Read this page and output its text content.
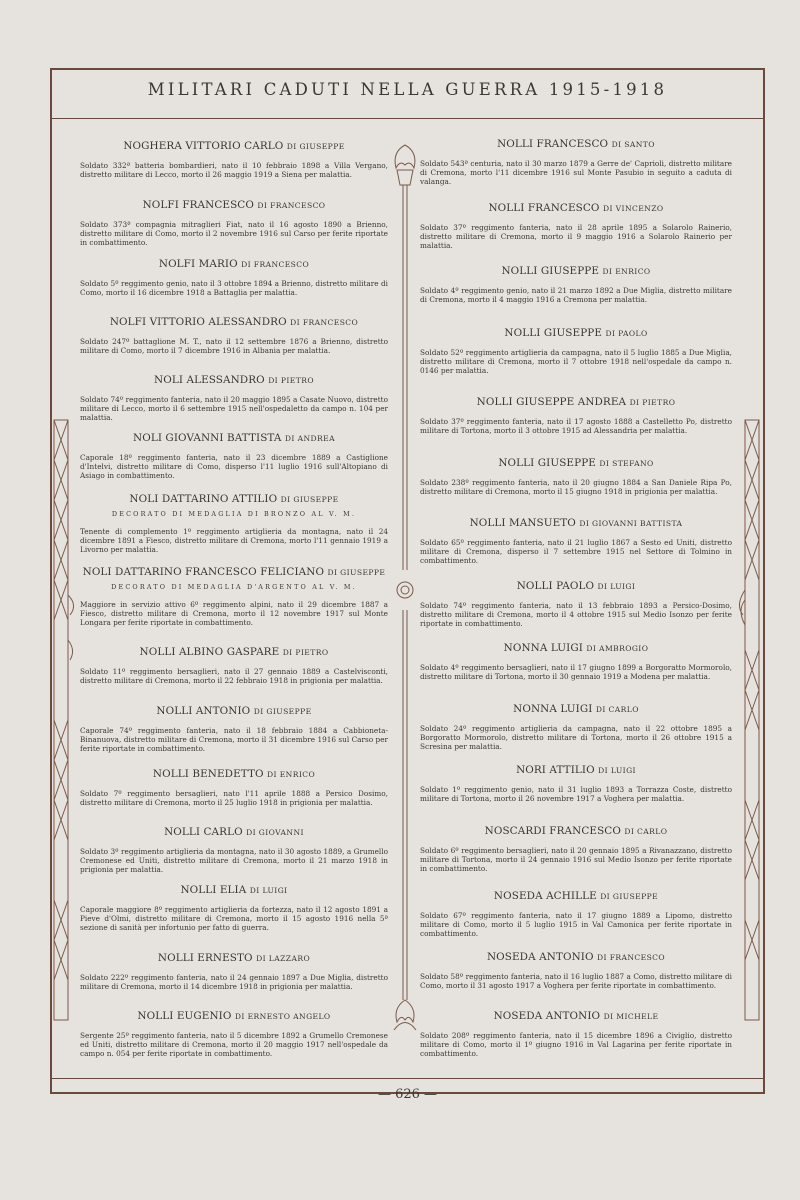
MILITARI CADUTI NELLA GUERRA 1915-1918
NOGHERA VITTORIO CARLO DI GIUSEPPE
Soldato 332ª batteria bombardieri, nato il 10 febbraio 1898 a Villa Vergano, distretto militare di Lecco, morto il 26 maggio 1919 a Siena per malattia.
NOLFI FRANCESCO DI FRANCESCO
Soldato 373ª compagnia mitraglieri Fiat, nato il 16 agosto 1890 a Brienno, distretto militare di Como, morto il 2 novembre 1916 sul Carso per ferite riportate in combattimento.
NOLFI MARIO DI FRANCESCO
Soldato 5º reggimento genio, nato il 3 ottobre 1894 a Brienno, distretto militare di Como, morto il 16 dicembre 1918 a Battaglia per malattia.
NOLFI VITTORIO ALESSANDRO DI FRANCESCO
Soldato 247º battaglione M. T., nato il 12 settembre 1876 a Brienno, distretto militare di Como, morto il 7 dicembre 1916 in Albania per malattia.
NOLI ALESSANDRO DI PIETRO
Soldato 74º reggimento fanteria, nato il 20 maggio 1895 a Casate Nuovo, distretto militare di Lecco, morto il 6 settembre 1915 nell'ospedaletto da campo n. 104 per malattia.
NOLI GIOVANNI BATTISTA DI ANDREA
Caporale 18º reggimento fanteria, nato il 23 dicembre 1889 a Castiglione d'Intelvi, distretto militare di Como, disperso l'11 luglio 1916 sull'Altopiano di Asiago in combattimento.
NOLI DATTARINO ATTILIO DI GIUSEPPE
DECORATO DI MEDAGLIA DI BRONZO AL V. M.
Tenente di complemento 1º reggimento artiglieria da montagna, nato il 24 dicembre 1891 a Fiesco, distretto militare di Cremona, morto l'11 gennaio 1919 a Livorno per malattia.
NOLI DATTARINO FRANCESCO FELICIANO DI GIUSEPPE
DECORATO DI MEDAGLIA D'ARGENTO AL V. M.
Maggiore in servizio attivo 6º reggimento alpini, nato il 29 dicembre 1887 a Fiesco, distretto militare di Cremona, morto il 12 novembre 1917 sul Monte Longara per ferite riportate in combattimento.
NOLLI ALBINO GASPARE DI PIETRO
Soldato 11º reggimento bersaglieri, nato il 27 gennaio 1889 a Castelvisconti, distretto militare di Cremona, morto il 22 febbraio 1918 in prigionia per malattia.
NOLLI ANTONIO DI GIUSEPPE
Caporale 74º reggimento fanteria, nato il 18 febbraio 1884 a Cabbioneta-Binanuova, distretto militare di Cremona, morto il 31 dicembre 1916 sul Carso per ferite riportate in combattimento.
NOLLI BENEDETTO DI ENRICO
Soldato 7º reggimento bersaglieri, nato l'11 aprile 1888 a Persico Dosimo, distretto militare di Cremona, morto il 25 luglio 1918 in prigionia per malattia.
NOLLI CARLO DI GIOVANNI
Soldato 3º reggimento artiglieria da montagna, nato il 30 agosto 1889, a Grumello Cremonese ed Uniti, distretto militare di Cremona, morto il 21 marzo 1918 in prigionia per malattia.
NOLLI ELIA DI LUIGI
Caporale maggiore 8º reggimento artiglieria da fortezza, nato il 12 agosto 1891 a Pieve d'Olmi, distretto militare di Cremona, morto il 15 agosto 1916 nella 5ª sezione di sanità per infortunio per fatto di guerra.
NOLLI ERNESTO DI LAZZARO
Soldato 222º reggimento fanteria, nato il 24 gennaio 1897 a Due Miglia, distretto militare di Cremona, morto il 14 dicembre 1918 in prigionia per malattia.
NOLLI EUGENIO DI ERNESTO ANGELO
Sergente 25º reggimento fanteria, nato il 5 dicembre 1892 a Grumello Cremonese ed Uniti, distretto militare di Cremona, morto il 20 maggio 1917 nell'ospedale da campo n. 054 per ferite riportate in combattimento.
NOLLI FRANCESCO DI SANTO
Soldato 543ª centuria, nato il 30 marzo 1879 a Gerre de' Caprioli, distretto militare di Cremona, morto l'11 dicembre 1916 sul Monte Pasubio in seguito a caduta di valanga.
NOLLI FRANCESCO DI VINCENZO
Soldato 37º reggimento fanteria, nato il 28 aprile 1895 a Solarolo Rainerio, distretto militare di Cremona, morto il 9 maggio 1916 a Solarolo Rainerio per malattia.
NOLLI GIUSEPPE DI ENRICO
Soldato 4º reggimento genio, nato il 21 marzo 1892 a Due Miglia, distretto militare di Cremona, morto il 4 maggio 1916 a Cremona per malattia.
NOLLI GIUSEPPE DI PAOLO
Soldato 52º reggimento artiglieria da campagna, nato il 5 luglio 1885 a Due Miglia, distretto militare di Cremona, morto il 7 ottobre 1918 nell'ospedale da campo n. 0146 per malattia.
NOLLI GIUSEPPE ANDREA DI PIETRO
Soldato 37º reggimento fanteria, nato il 17 agosto 1888 a Castelletto Po, distretto militare di Tortona, morto il 3 ottobre 1915 ad Alessandria per malattia.
NOLLI GIUSEPPE DI STEFANO
Soldato 238º reggimento fanteria, nato il 20 giugno 1884 a San Daniele Ripa Po, distretto militare di Cremona, morto il 15 giugno 1918 in prigionia per malattia.
NOLLI MANSUETO DI GIOVANNI BATTISTA
Soldato 65º reggimento fanteria, nato il 21 luglio 1867 a Sesto ed Uniti, distretto militare di Cremona, disperso il 7 settembre 1915 nel Settore di Tolmino in combattimento.
NOLLI PAOLO DI LUIGI
Soldato 74º reggimento fanteria, nato il 13 febbraio 1893 a Persico-Dosimo, distretto militare di Cremona, morto il 4 ottobre 1915 sul Medio Isonzo per ferite riportate in combattimento.
NONNA LUIGI DI AMBROGIO
Soldato 4º reggimento bersaglieri, nato il 17 giugno 1899 a Borgoratto Mormorolo, distretto militare di Tortona, morto il 30 gennaio 1919 a Modena per malattia.
NONNA LUIGI DI CARLO
Soldato 24º reggimento artiglieria da campagna, nato il 22 ottobre 1895 a Borgoratto Mormorolo, distretto militare di Tortona, morto il 26 ottobre 1915 a Scresina per malattia.
NORI ATTILIO DI LUIGI
Soldato 1º reggimento genio, nato il 31 luglio 1893 a Torrazza Coste, distretto militare di Tortona, morto il 26 novembre 1917 a Voghera per malattia.
NOSCARDI FRANCESCO DI CARLO
Soldato 6º reggimento bersaglieri, nato il 20 gennaio 1895 a Rivanazzano, distretto militare di Tortona, morto il 24 gennaio 1916 sul Medio Isonzo per ferite riportate in combattimento.
NOSEDA ACHILLE DI GIUSEPPE
Soldato 67º reggimento fanteria, nato il 17 giugno 1889 a Lipomo, distretto militare di Como, morto il 5 luglio 1915 in Val Camonica per ferite riportate in combattimento.
NOSEDA ANTONIO DI FRANCESCO
Soldato 58º reggimento fanteria, nato il 16 luglio 1887 a Como, distretto militare di Como, morto il 31 agosto 1917 a Voghera per ferite riportate in combattimento.
NOSEDA ANTONIO DI MICHELE
Soldato 208º reggimento fanteria, nato il 15 dicembre 1896 a Civiglio, distretto militare di Como, morto il 1º giugno 1916 in Val Lagarina per ferite riportate in combattimento.
— 626 —
